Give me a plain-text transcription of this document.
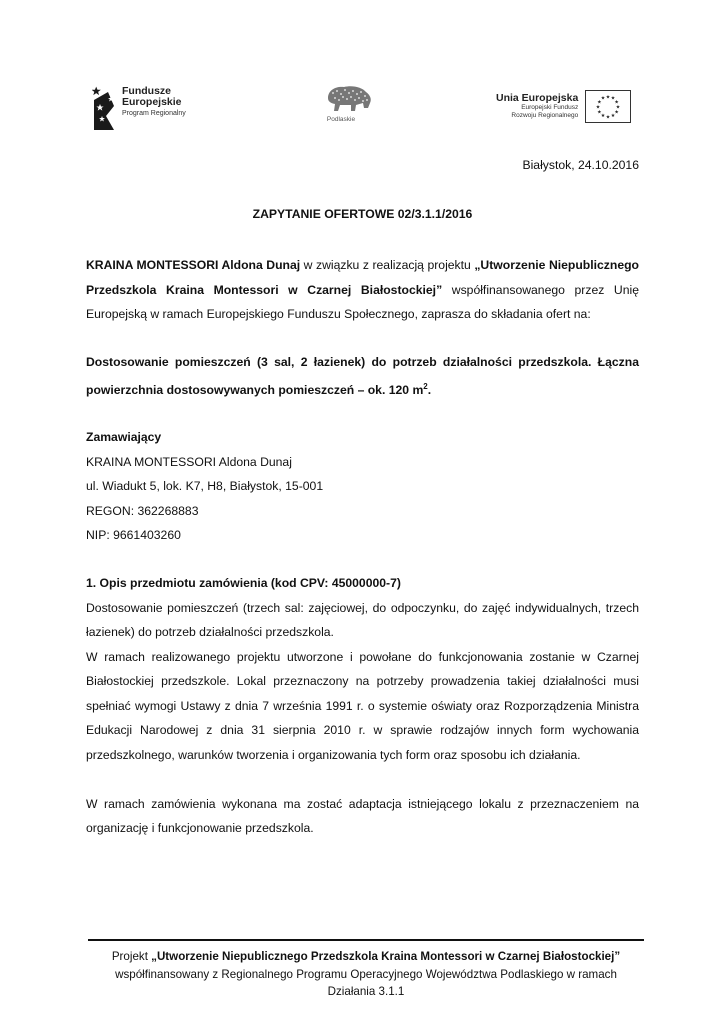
Fundusze
Europejskie
Program Regionalny
Podlaskie
Unia Europejska
Europejski Fundusz
Rozwoju Regionalnego
★ ★
★
★
★
★
★
★
★
★
★
★
Białystok, 24.10.2016
ZAPYTANIE OFERTOWE 02/3.1.1/2016

KRAINA MONTESSORI Aldona Dunaj w związku z realizacją projektu „Utworzenie Niepublicznego Przedszkola Kraina Montessori w Czarnej Białostockiej” współfinansowanego przez Unię Europejską w ramach Europejskiego Funduszu Społecznego, zaprasza do składania ofert na:

Dostosowanie pomieszczeń (3 sal, 2 łazienek) do potrzeb działalności przedszkola. Łączna powierzchnia dostosowywanych pomieszczeń – ok. 120 $m^2$.

Zamawiający
KRAINA MONTESSORI Aldona Dunaj
ul. Wiadukt 5, lok. K7, H8, Białystok, 15-001
REGON: 362268883
NIP: 9661403260

1. Opis przedmiotu zamówienia (kod CPV: 45000000-7)

Dostosowanie pomieszczeń (trzech sal: zajęciowej, do odpoczynku, do zajęć indywidualnych, trzech łazienek) do potrzeb działalności przedszkola.

W ramach realizowanego projektu utworzone i powołane do funkcjonowania zostanie w Czarnej Białostockiej przedszkole. Lokal przeznaczony na potrzeby prowadzenia takiej działalności musi spełniać wymogi Ustawy z dnia 7 września 1991 r. o systemie oświaty oraz Rozporządzenia Ministra Edukacji Narodowej z dnia 31 sierpnia 2010 r. w sprawie rodzajów innych form wychowania przedszkolnego, warunków tworzenia i organizowania tych form oraz sposobu ich działania.

W ramach zamówienia wykonana ma zostać adaptacja istniejącego lokalu z przeznaczeniem na organizację i funkcjonowanie przedszkola.

Projekt „Utworzenie Niepublicznego Przedszkola Kraina Montessori w Czarnej Białostockiej”
współfinansowany z Regionalnego Programu Operacyjnego Województwa Podlaskiego w ramach
Działania 3.1.1
